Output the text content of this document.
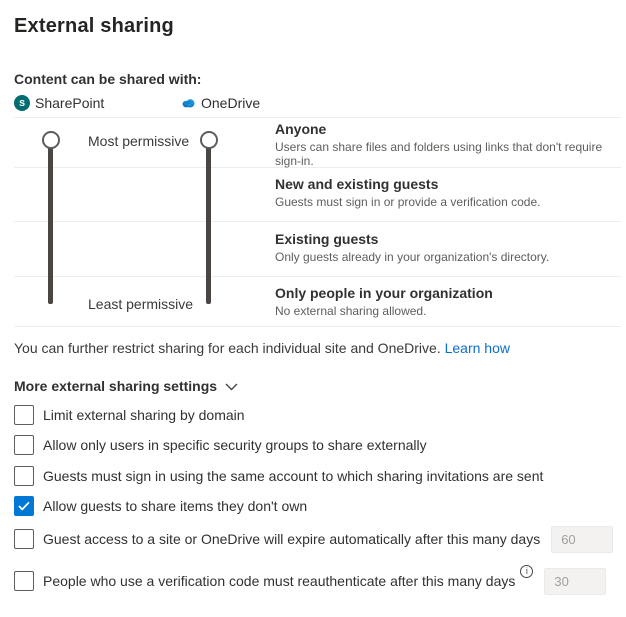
External sharing
Content can be shared with:
s SharePoint	OneDrive
Most permissive
Least permissive
Anyone
Users can share files and folders using links that don't require sign-in.
New and existing guests
Guests must sign in or provide a verification code.
Existing guests
Only guests already in your organization's directory.
Only people in your organization
No external sharing allowed.
You can further restrict sharing for each individual site and OneDrive. Learn how
More external sharing settings
Limit external sharing by domain
Allow only users in specific security groups to share externally
Guests must sign in using the same account to which sharing invitations are sent
Allow guests to share items they don't own
Guest access to a site or OneDrive will expire automatically after this many days
60
People who use a verification code must reauthenticate after this many days
i
30
